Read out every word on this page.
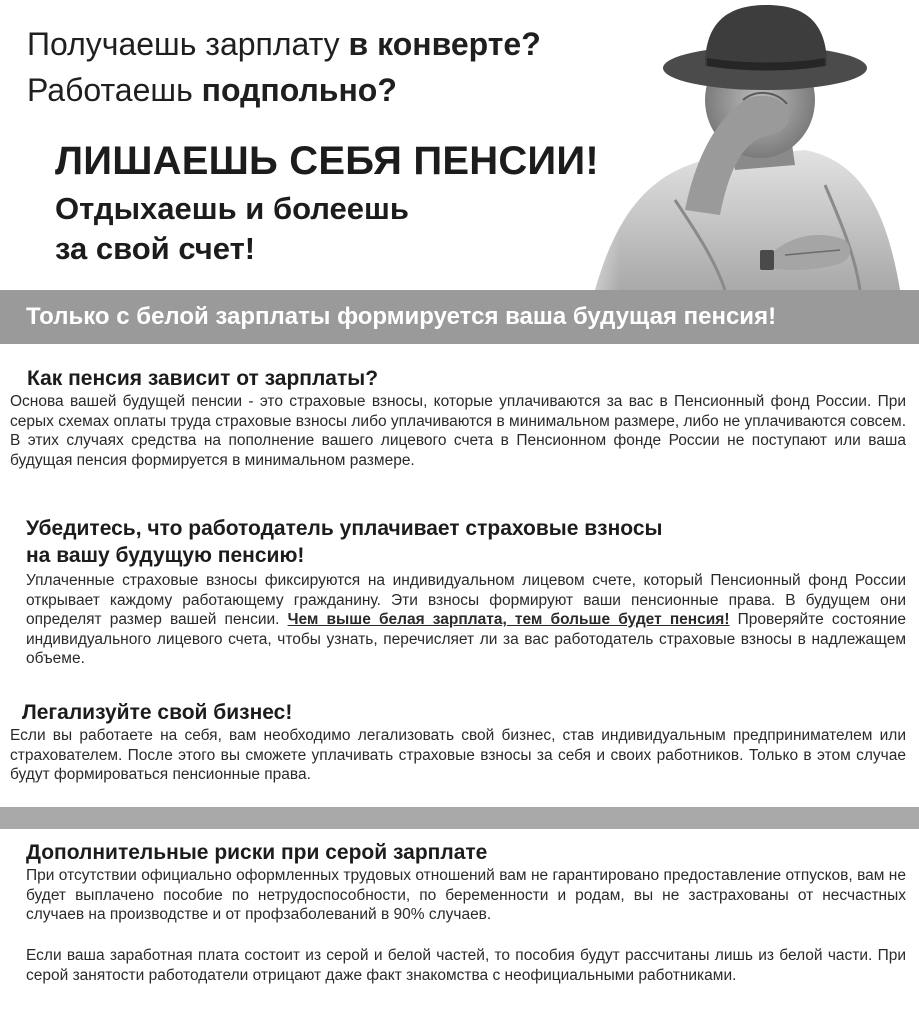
Получаешь зарплату в конверте?
Работаешь подпольно?
ЛИШАЕШЬ СЕБЯ ПЕНСИИ!
Отдыхаешь и болеешь
за свой счет!
Только с белой зарплаты формируется ваша будущая пенсия!
Как пенсия зависит от зарплаты?
Основа вашей будущей пенсии - это страховые взносы, которые уплачиваются за вас в Пенсионный фонд России. При серых схемах оплаты труда страховые взносы либо уплачиваются в минимальном размере, либо не уплачиваются совсем. В этих случаях средства на пополнение вашего лицевого счета в Пенсионном фонде России не поступают или ваша будущая пенсия формируется в минимальном размере.
Убедитесь, что работодатель уплачивает страховые взносы
на вашу будущую пенсию!
Уплаченные страховые взносы фиксируются на индивидуальном лицевом счете, который Пенсионный фонд России открывает каждому работающему гражданину. Эти взносы формируют ваши пенсионные права. В будущем они определят размер вашей пенсии. Чем выше белая зарплата, тем больше будет пенсия! Проверяйте состояние индивидуального лицевого счета, чтобы узнать, перечисляет ли за вас работодатель страховые взносы в надлежащем объеме.
Легализуйте свой бизнес!
Если вы работаете на себя, вам необходимо легализовать свой бизнес, став индивидуальным предпринимателем или страхователем. После этого вы сможете уплачивать страховые взносы за себя и своих работников. Только в этом случае будут формироваться пенсионные права.
Дополнительные риски при серой зарплате
При отсутствии официально оформленных трудовых отношений вам не гарантировано предоставление отпусков, вам не будет выплачено пособие по нетрудоспособности, по беременности и родам, вы не застрахованы от несчастных случаев на производстве и от профзаболеваний в 90% случаев.
Если ваша заработная плата состоит из серой и белой частей, то пособия будут рассчитаны лишь из белой части. При серой занятости работодатели отрицают даже факт знакомства с неофициальными работниками.
